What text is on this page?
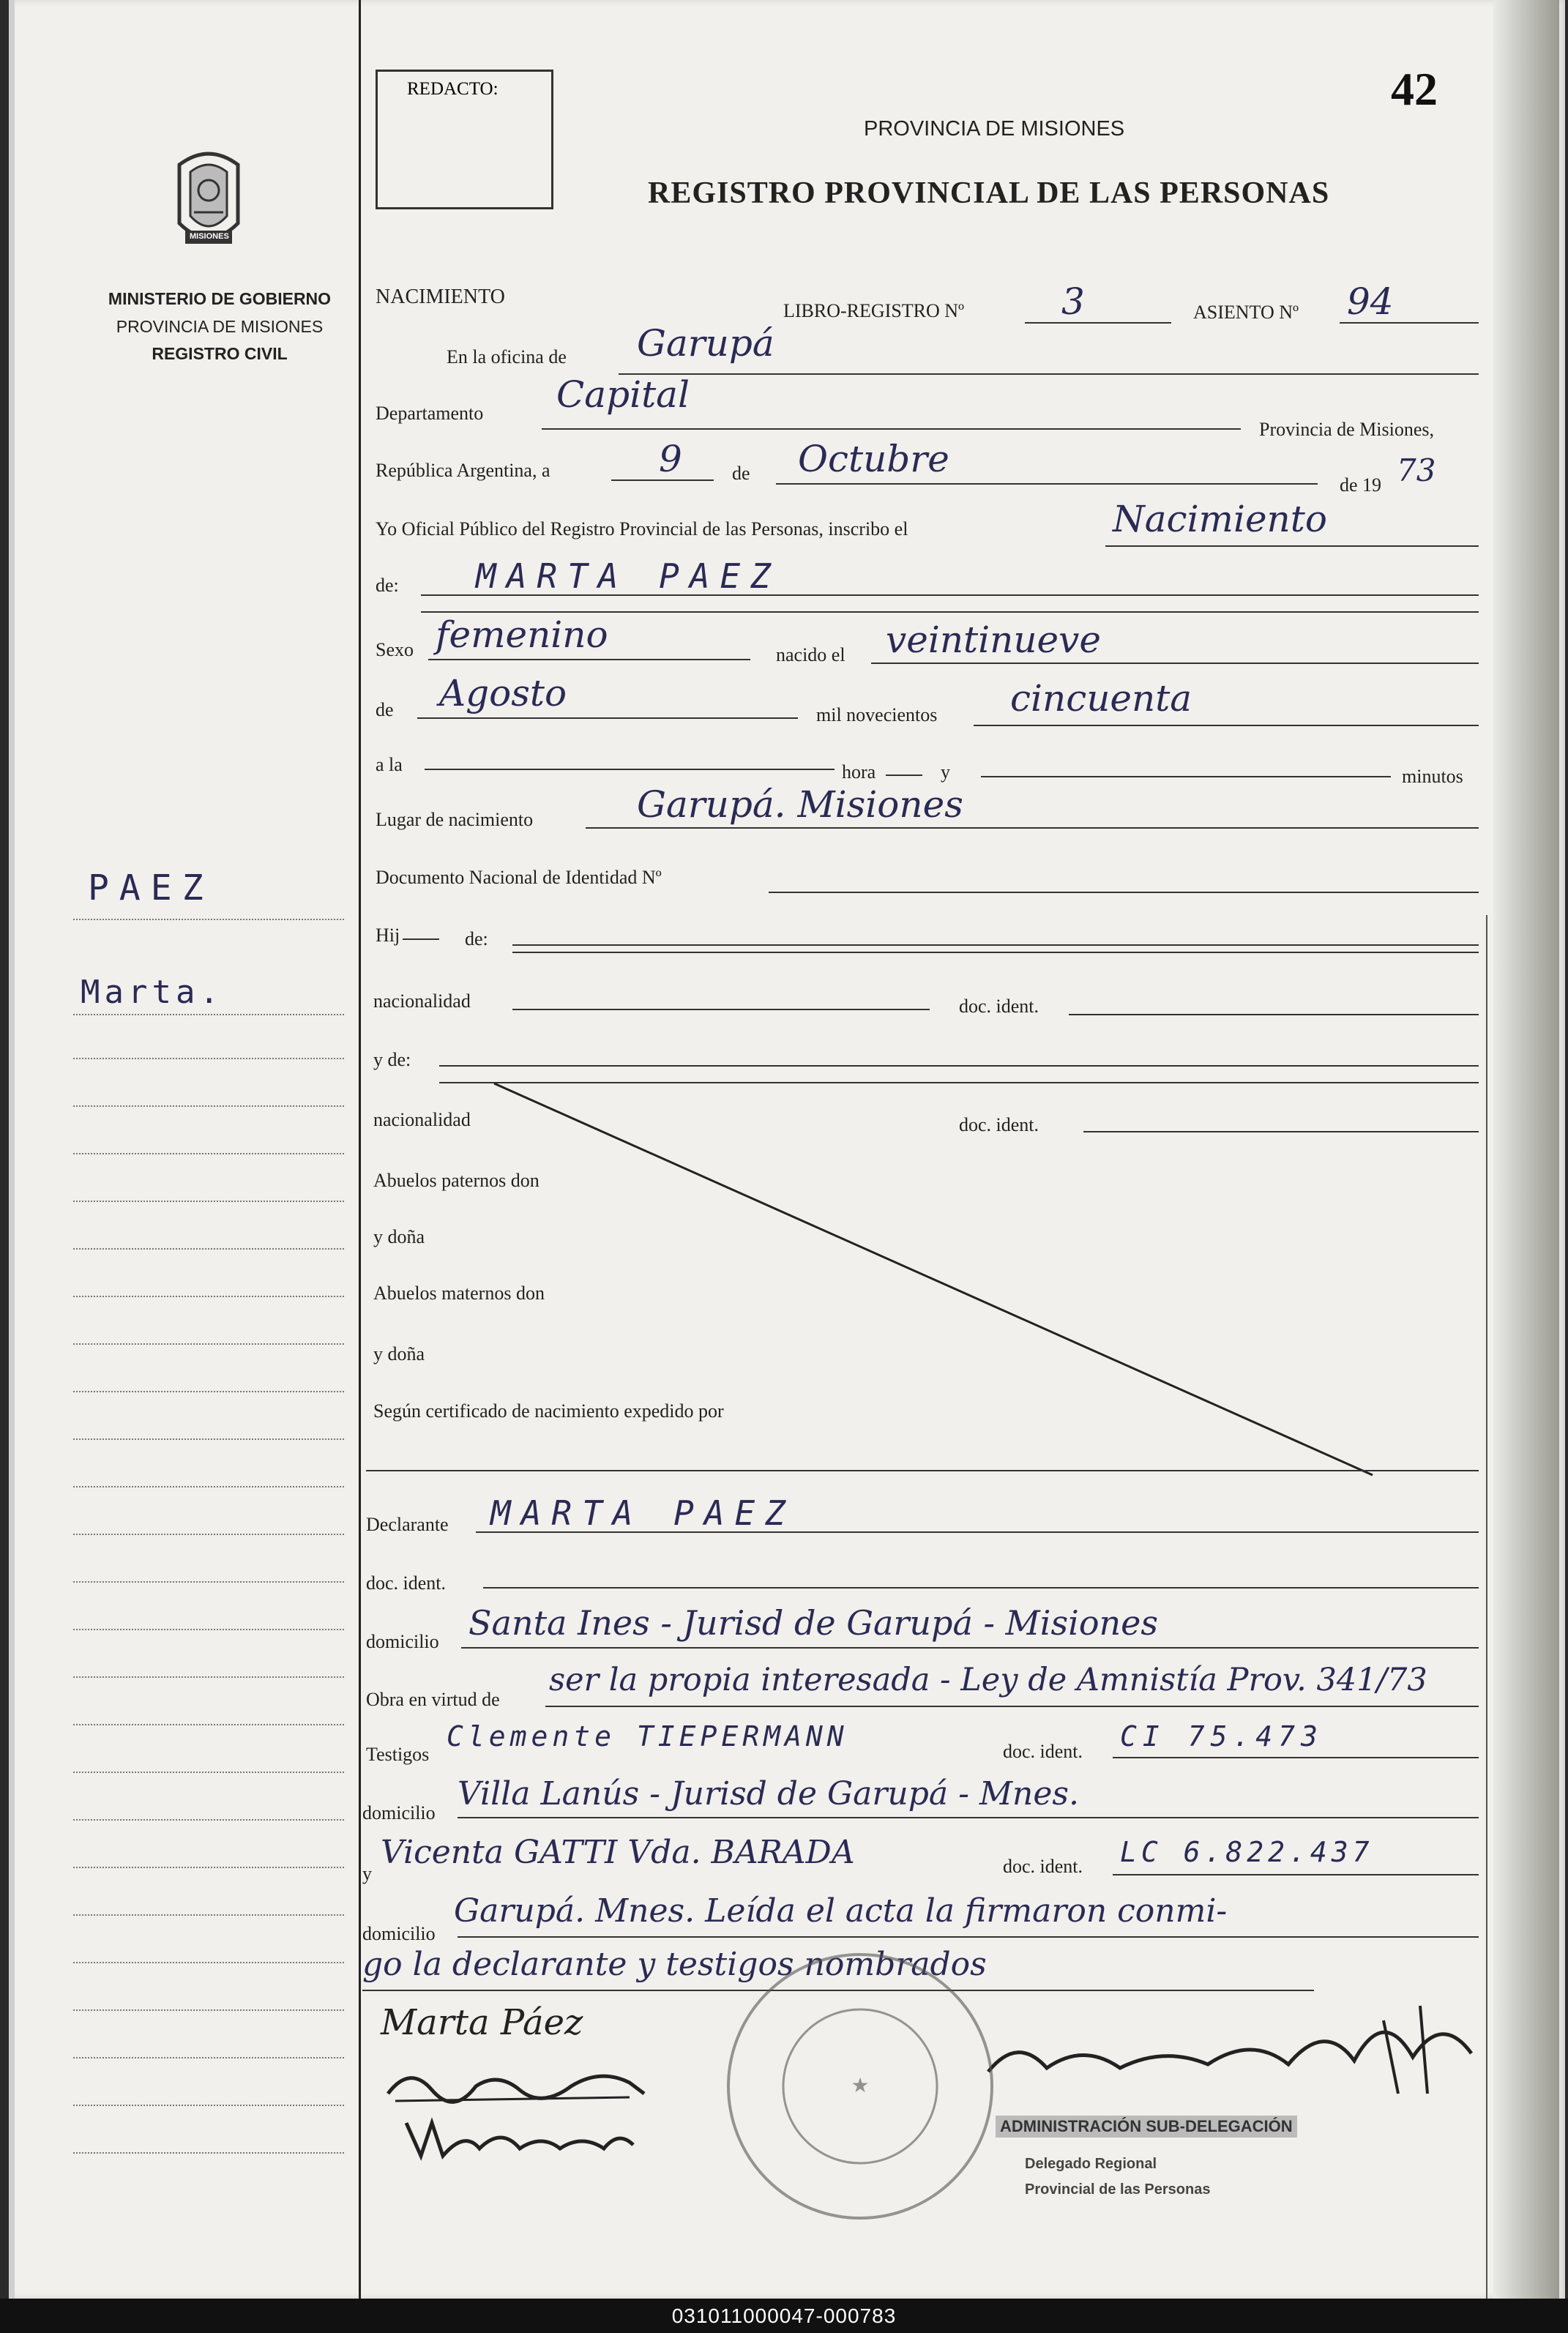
MISIONES
MINISTERIO DE GOBIERNO
PROVINCIA DE MISIONES
REGISTRO CIVIL
PAEZ
Marta.
REDACTO:	42
PROVINCIA DE MISIONES
REGISTRO PROVINCIAL DE LAS PERSONAS
NACIMIENTO
LIBRO-REGISTRO Nº	3	ASIENTO Nº 94
En la oficina de Garupá
Departamento Capital
Provincia de Misiones,
República Argentina, a	9	de Octubre
de 19 73
Yo Oficial Público del Registro Provincial de las Personas, inscribo el	Nacimiento
de: MARTA PAEZ
Sexo femenino	nacido el veintinueve
de Agosto
mil novecientos cincuenta
a la	hora	y	minutos
Lugar de nacimiento	Garupá. Misiones
Documento Nacional de Identidad Nº
Hij	de:
nacionalidad	doc. ident.
y de:
nacionalidad	doc. ident.
Abuelos paternos don
y doña
Abuelos maternos don
y doña
Según certificado de nacimiento expedido por
Declarante MARTA PAEZ
doc. ident.
domicilio Santa Ines - Jurisd de Garupá - Misiones
Obra en virtud de
ser la propia interesada - Ley de Amnistía Prov. 341/73
Testigos
Clemente TIEPERMANN	doc. ident. CI 75.473
domicilio
Villa Lanús - Jurisd de Garupá - Mnes.
y
Vicenta GATTI Vda. BARADA	doc. ident. LC 6.822.437
domicilio
Garupá. Mnes. Leída el acta la firmaron conmi-
go la declarante y testigos nombrados
Marta Páez
★
ADMINISTRACIÓN SUB-DELEGACIÓN
Delegado Regional
Provincial de las Personas
031011000047-000783
